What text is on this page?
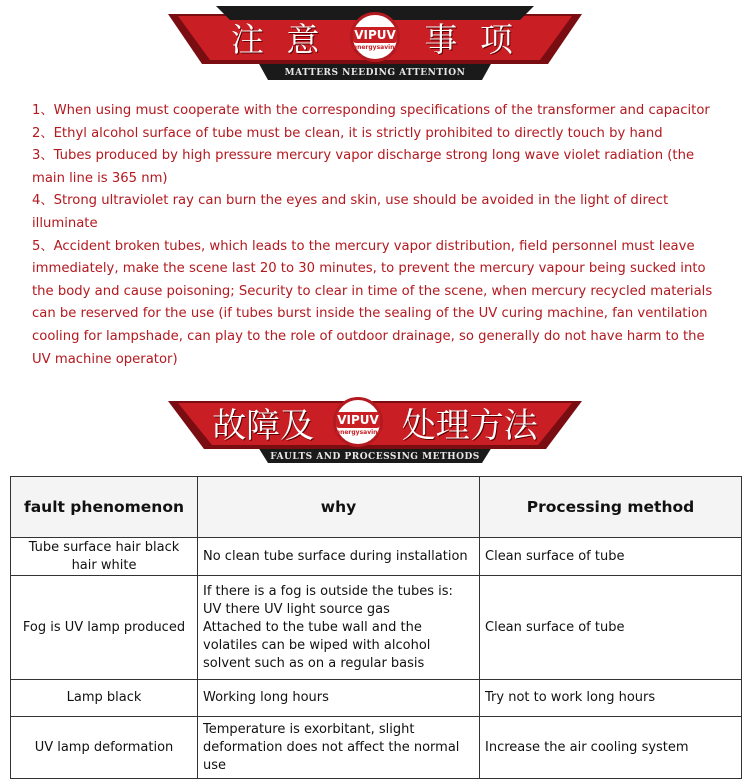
注 意 VIPUV
energysaving 事 项
MATTERS NEEDING ATTENTION
1、When using must cooperate with the corresponding specifications of the transformer and capacitor
2、Ethyl alcohol surface of tube must be clean, it is strictly prohibited to directly touch by hand
3、Tubes produced by high pressure mercury vapor discharge strong long wave violet radiation (the main line is 365 nm)
4、Strong ultraviolet ray can burn the eyes and skin, use should be avoided in the light of direct illuminate
5、Accident broken tubes, which leads to the mercury vapor distribution, field personnel must leave immediately, make the scene last 20 to 30 minutes, to prevent the mercury vapour being sucked into the body and cause poisoning; Security to clear in time of the scene, when mercury recycled materials can be reserved for the use (if tubes burst inside the sealing of the UV curing machine, fan ventilation cooling for lampshade, can play to the role of outdoor drainage, so generally do not have harm to the UV machine operator)
故障及 VIPUV
energysaving 处理方法
FAULTS AND PROCESSING METHODS
fault phenomenon	why	Processing method
Tube surface hair black hair white	No clean tube surface during installation	Clean surface of tube
Fog is UV lamp produced	If there is a fog is outside the tubes is:
UV there UV light source gas
Attached to the tube wall and the volatiles can be wiped with alcohol solvent such as on a regular basis	Clean surface of tube
Lamp black	Working long hours	Try not to work long hours
UV lamp deformation	Temperature is exorbitant, slight deformation does not affect the normal use	Increase the air cooling system
